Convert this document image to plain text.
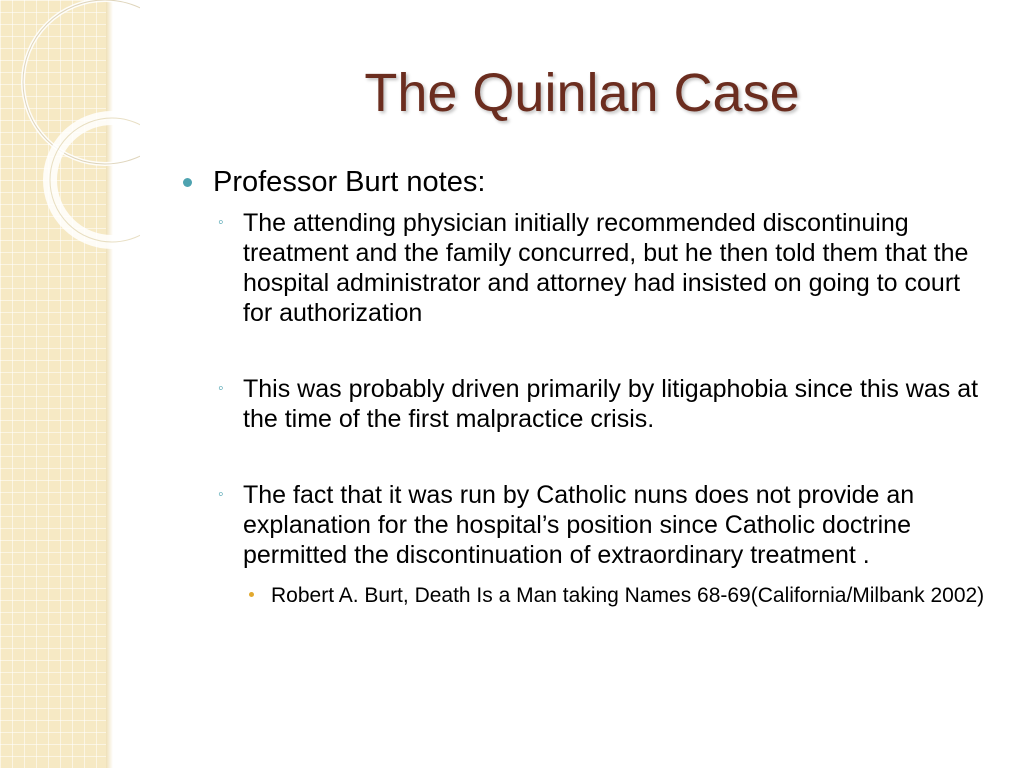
The Quinlan Case
Professor Burt notes:
◦ The attending physician initially recommended discontinuing treatment and the family concurred, but he then told them that the hospital administrator and attorney had insisted on going to court for authorization
◦ This was probably driven primarily by litigaphobia since this was at the time of the first malpractice crisis.
◦ The fact that it was run by Catholic nuns does not provide an explanation for the hospital’s position since Catholic doctrine permitted the discontinuation of extraordinary treatment .
Robert A. Burt, Death Is a Man taking Names 68-69(California/Milbank 2002)
